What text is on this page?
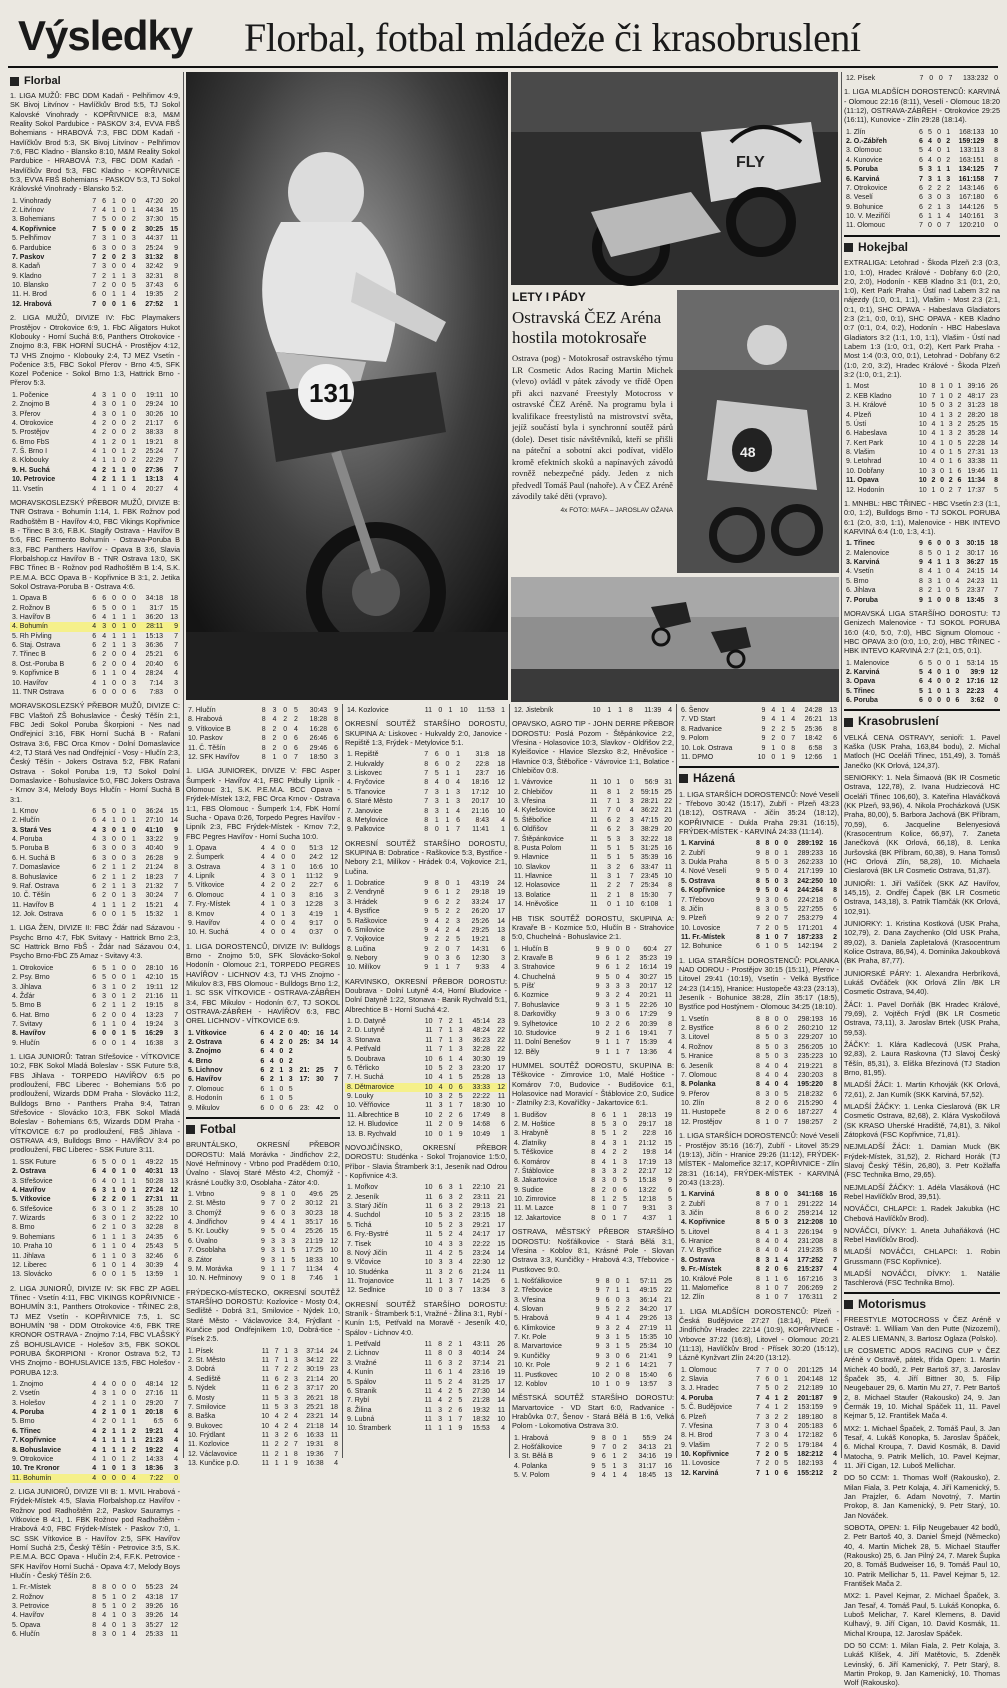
Výsledky Florbal, fotbal mládeže či krasobruslení
Florbal

1. LIGA MUŽŮ: FBC DDM Kadaň - Pelhřimov 4:9, SK Bivoj Litvínov - Havlíčkův Brod 5:5, TJ Sokol Kalovské Vinohrady - KOPŘIVNICE 8:3, M&M Reality Sokol Pardubice - PASKOV 3:4, EVVA FBŠ Bohemians - HRABOVÁ 7:3, FBC DDM Kadaň - Havlíčkův Brod 5:3, SK Bivoj Litvínov - Pelhřimov 7:6, FBC Kladno - Blansko 8:10, M&M Reality Sokol Pardubice - HRABOVÁ 7:3, FBC DDM Kadaň - Havlíčkův Brod 5:3, FBC Kladno - KOPŘIVNICE 5:3, EVVA FBŠ Bohemians - PASKOV 5:3, TJ Sokol Královské Vinohrady - Blansko 5:2.

1. Vinohrady	7	6	1	0	0	47:20	20
2. Litvínov	7	4	1	0	1	44:34	15
3. Bohemians	7	5	0	0	2	37:30	15
4. Kopřivnice	7	5	0	0	2	30:25	15
5. Pelhřimov	7	3	1	0	3	44:37	11
6. Pardubice	6	3	0	0	3	25:24	9
7. Paskov	7	2	0	2	3	31:32	8
8. Kadaň	7	3	0	0	4	32:42	9
9. Kladno	7	2	1	1	3	32:31	8
10. Blansko	7	2	0	0	5	37:43	6
11. H. Brod	6	0	1	1	4	19:35	2
12. Hrabová	7	0	0	1	6	27:52	1

2. LIGA MUŽŮ, DIVIZE IV: FbC Playmakers Prostějov - Otrokovice 6:9, 1. FbC Aligators Hukot Klobouky - Horní Suchá 8:6, Panthers Otrokovice - Znojmo 8:3, FBK HORNÍ SUCHÁ - Prostějov 4:12, TJ VHS Znojmo - Klobouky 2:4, TJ MEZ Vsetín - Počenice 3:5, FBC Sokol Přerov - Brno 4:5, SFK Kozel Počenice - Sokol Brno 1:3, Hattrick Brno - Přerov 5:3.

1. Počenice	4	3	1	0	0	19:11	10
2. Znojmo B	4	3	0	1	0	29:24	10
3. Přerov	4	3	0	1	0	30:26	10
4. Otrokovice	4	2	0	0	2	21:17	6
5. Prostějov	4	2	0	0	2	38:33	8
6. Brno FbS	4	1	2	0	1	19:21	8
7. Š. Brno I	4	1	0	1	2	25:24	7
8. Klobouky	4	1	1	0	2	22:29	7
9. H. Suchá	4	2	1	1	0	27:36	7
10. Petrovice	4	2	1	1	1	13:13	4
11. Vsetín	4	1	1	0	4	20:27	4

MORAVSKOSLEZSKÝ PŘEBOR MUŽŮ, DIVIZE B: TNR Ostrava - Bohumín 1:14, 1. FBK Rožnov pod Radhoštěm B - Havířov 4:0, FBC Vikings Kopřivnice B - Třinec B 3:6, F.B.K. Stagify Ostrava - Havířov B 5:6, FBC Fermento Bohumín - Ostrava-Poruba B 8:3, FBC Panthers Havířov - Opava B 3:6, Slavia Florbalshop.cz Havířov B - TNR Ostrava 13:0, SK FBC Třinec B - Rožnov pod Radhoštěm B 1:4, S.K. P.E.M.A. BCC Opava B - Kopřivnice B 3:1, 2. Jetika Sokol Ostrava-Poruba B - Ostrava 4:6.

1. Opava B	6	6	0	0	0	34:18	18
2. Rožnov B	6	5	0	0	1	31:7	15
3. Havířov B	6	4	1	1	1	36:20	13
4. Bohumín	4	3	0	1	0	28:11	9
5. Rh Pívling	6	4	1	1	1	15:13	7
6. Staj. Ostrava	6	2	1	1	3	36:36	7
7. Třinec B	6	2	0	0	4	25:21	6
8. Ost.-Poruba B	6	2	0	0	4	20:40	6
9. Kopřivnice B	6	1	1	0	4	28:24	4
10. Havířov	4	1	0	0	3	7:14	3
11. TNR Ostrava	6	0	0	0	6	7:83	0

MORAVSKOSLEZSKÝ PŘEBOR MUŽŮ, DIVIZE C: FBC Vlaštoň ZŠ Bohuslavice - Český Těšín 2:1, FBC Jedi Sokol Poruba Škorpioni - Nes nad Ondřejnicí 3:16, FBK Horní Suchá B - Rafani Ostrava 3:6, FBC Orca Krnov - Dolní Domaslavice 4:2, TJ Stará Ves nad Ondřejnicí - Vosy - Hlučín 2:3, Český Těšín - Jokers Ostrava 5:2, FBK Rafani Ostrava - Sokol Poruba 1:9, TJ Sokol Dolní Domaslavice - Bohuslavice 5:0, FBC Jokers Ostrava - Krnov 3:4, Melody Boys Hlučín - Horní Suchá B 3:1.

1. Krnov	6	5	0	1	0	36:24	15
2. Hlučín	6	4	1	0	1	27:10	14
3. Stará Ves	4	3	0	1	0	41:10	9
4. Poruba	4	3	0	0	1	33:22	9
5. Poruba B	6	3	0	0	3	40:40	9
6. H. Suchá B	6	3	0	0	3	26:28	9
7. Domaslavice	6	2	1	1	2	21:24	8
8. Bohuslavice	6	2	1	1	2	18:23	7
9. Raf. Ostrava	6	2	1	1	3	21:32	7
10. Č. Těšín	6	2	0	1	3	30:24	7
11. Havířov B	4	1	1	1	2	15:21	4
12. Jok. Ostrava	6	0	0	1	5	15:32	1

1. LIGA ŽEN, DIVIZE II: FBC Ždár nad Sázavou - Psychc Brno 4:7, FbK Svitavy - Hattrick Brno 2:3, SC Hattrick Brno FbŠ - Ždár nad Sázavou 0:4, Psycho Brno-FbC Z5 Amaz - Svitavy 4:3.

1. Otrokovice	6	5	1	0	0	28:10	16
2. Psy. Brno	6	5	0	0	1	42:10	15
3. Jihlava	6	3	1	0	2	19:11	12
4. Žďár	6	3	0	1	2	21:16	11
5. Brno B	6	2	1	1	2	19:15	8
6. Hat. Brno	6	2	0	0	4	13:23	7
7. Svitavy	6	1	1	0	4	19:24	3
8. Havířov	6	0	0	1	5	16:29	3
9. Hlučín	6	0	0	1	4	16:38	3

1. LIGA JUNIORŮ: Tatran Střešovice - VÍTKOVICE 10:2, FBK Sokol Mladá Boleslav - SSK Future 5:8, FBS Jihlava - TORPEDO HAVÍŘOV 6:5 po prodloužení, FBC Liberec - Bohemians 5:6 po prodloužení, Wizards DDM Praha - Slovácko 11:2, Bulldogs Brno - Panthers Praha 9:4, Tatran Střešovice - Slovácko 10:3, FBK Sokol Mladá Boleslav - Bohemians 6:5, Wizards DDM Praha - VÍTKOVICE 6:7 po prodloužení, FBŠ Jihlava - OSTRAVA 4:9, Bulldogs Brno - HAVÍŘOV 3:4 po prodloužení, FBC Liberec - SSK Future 3:11.

1. SSK Future	6	5	0	0	1	49:22	15
2. Ostrava	6	4	0	1	0	40:31	13
3. Střešovice	6	4	0	1	1	50:28	13
4. Havířov	6	3	1	0	1	27:24	12
5. Vítkovice	6	2	2	0	1	27:31	11
6. Střešovice	6	3	0	1	2	35:28	10
7. Wizards	6	3	0	1	2	32:22	10
8. Brno	6	2	1	0	3	32:28	8
9. Bohemians	6	1	1	1	3	24:35	6
10. Praha 10	6	1	1	0	4	25:43	5
11. Jihlava	6	1	1	0	3	32:46	6
12. Liberec	6	1	0	1	4	30:39	4
13. Slovácko	6	0	0	1	5	13:59	1

2. LIGA JUNIORŮ, DIVIZE IV: SK FBC ZP AGEL Třinec - Vsetín 4:11, FBC VIKINGS KOPŘIVNICE - BOHUMÍN 3:1, Panthers Otrokovice - TŘINEC 2:8, TJ MEZ Vsetín - KOPŘIVNICE 7:5, 1. SC BOHUMÍN '98 - DDM Otrokovice 4:6, FBK TRE KRONOR OSTRAVA - Znojmo 7:14, FBC VLAŠSKÝ ZŠ BOHUSLAVICE - Holešov 3:5, FBK SOKOL PORUBA ŠKORPIONI - Kronor Ostrava 5:2, TJ VHS Znojmo - BOHUSLAVICE 13:5, FBC Holešov - PORUBA 12:3.

1. Znojmo	4	4	0	0	0	48:14	12
2. Vsetín	4	3	1	0	0	27:16	11
3. Holešov	4	2	1	1	0	29:20	7
4. Poruba	4	2	1	0	1	20:18	6
5. Brno	4	2	0	1	1	6:5	6
6. Třinec	4	2	1	1	2	19:21	4
7. Kopřivnice	4	1	1	1	1	21:23	4
8. Bohuslavice	4	1	1	1	2	19:22	4
9. Otrokovice	4	1	0	1	2	14:33	4
10. Tre Kronor	4	1	0	1	3	18:36	3
11. Bohumín	4	0	0	0	4	7:22	0

2. LIGA JUNIORŮ, DIVIZE VII B: 1. MVIL Hrabová - Frýdek-Místek 4:5, Slavia Florbalshop.cz Havířov - Rožnov pod Radhoštěm 2:2, Paskov Sauramys - Vítkovice B 4:1, 1. FBK Rožnov pod Radhoštěm - Hrabová 4:0, FBC Frýdek-Místek - Paskov 7:0, 1. SC SSK Vítkovice B - Havířov 2:5, SFK Havířov Horní Suchá 2:5, Český Těšín - Petrovice 3:5, S.K. P.E.M.A. BCC Opava - Hlučín 2:4, F.F.K. Petrovice - SFK Havířov Horní Suchá - Opava 4:7, Melody Boys Hlučín - Český Těšín 2:6.

1. Fr.-Místek	8	8	0	0	0	55:23	24
2. Rožnov	8	5	1	0	2	43:18	17
3. Petrovice	8	5	1	0	2	39:26	16
4. Havířov	8	4	1	0	3	39:26	14
5. Opava	8	4	0	1	3	35:27	12
6. Hlučín	8	3	0	1	4	25:33	11
131
FLY
LETY I PÁDY
Ostravská ČEZ Aréna hostila motokrosaře
Ostrava (pog) - Motokrosař ostravského týmu LR Cosmetic Ados Racing Martin Michek (vlevo) ovládl v pátek závody ve třídě Open při akci nazvané Freestyly Motocross v ostravské ČEZ Aréně. Na programu byla i kvalifikace freestylistů na mistrovství světa, jejíž součástí byla i synchronní soutěž párů (dole). Deset tisíc návštěvníků, kteří se přišli na páteční a sobotní akci podívat, vidělo kromě efektních skoků a napínavých závodů rovněž nebezpečné pády. Jeden z nich předvedl Tomáš Paul (nahoře). A v ČEZ Aréně závodily také děti (vpravo).
4x FOTO: MAFA – JAROSLAV OŽANA
48
7. Hlučín	8	3	0	5	30:43	9
8. Hrabová	8	4	2	2	18:28	8
9. Vítkovice B	8	2	0	4	16:28	6
10. Paskov	8	2	0	6	26:46	6
11. Č. Těšín	8	2	0	6	29:46	6
12. SFK Havířov	8	1	0	7	18:50	3

1. LIGA JUNIOREK, DIVIZE V: FBC Asper Šumperk - Havířov 4:1, FBC Pitbully Lipník - Olomouc 3:1, S.K. P.E.M.A. BCC Opava - Frýdek-Místek 13:2, FBC Orca Krnov - Ostrava 1:1, FBS Olomouc - Šumperk 1:4, FbK Horní Sucha - Opava 0:26, Torpedo Pegres Havířov - Lipník 2:3, FBC Frýdek-Místek - Krnov 7:2, FBC Pegres Havířov - Horní Sucha 10:0.

1. Opava	4	4	0	0	51:3	12
2. Šumperk	4	4	0	0	24:2	12
3. Ostrava	4	3	1	0	16:6	10
4. Lipník	4	3	0	1	11:12	9
5. Vítkovice	4	2	0	2	22:7	6
6. Olomouc	4	1	0	3	8:16	3
7. Fry.-Místek	4	1	0	3	12:28	3
8. Krnov	4	0	1	3	4:19	1
9. Havířov	4	0	0	4	9:17	0
10. H. Suchá	4	0	0	4	0:37	0

1. LIGA DOROSTENCŮ, DIVIZE IV: Bulldogs Brno - Znojmo 5:0, SFK Slovácko-Sokol Hodonín - Olomouc 2:1, TORPEDO PEGRES HAVÍŘOV - LICHNOV 4:3, TJ VHS Znojmo - Mikulov 8:3, FBS Olomouc - Bulldogs Brno 1:2, 1. SC SSK VÍTKOVICE - OSTRAVA-ZÁBŘEH 3:4, FBC Mikulov - Hodonín 6:7, TJ SOKOL OSTRAVA-ZÁBŘEH - HAVÍŘOV 6:3, FBC OREL LICHNOV - VÍTKOVICE 6:9.

1. Vítkovice	6	4	2	0	40:	16	14
2. Ostrava	6	4	2	0	25:	34	14
3. Znojmo	6	4	0	2			
4. Brno	6	4	0	2			
5. Lichnov	6	2	1	3	21:	25	7
6. Havířov	6	2	1	3	17:	30	7
7. Olomouc	6	1	0	5			
8. Hodonín	6	1	0	5			
9. Mikulov	6	0	0	6	23:	42	0
Fotbal

BRUNTÁLSKO, OKRESNÍ PŘEBOR DOROSTU: Malá Morávka - Jindřichov 2:2, Nové Heřminovy - Vrbno pod Pradědem 0:10, Úvalno - Slavoj Staré Město 4:2, Chomýž - Krásné Loučky 3:0, Osoblaha - Zátor 4:0.

1. Vrbno	9	8	1	0	49:6	25
2. St. Město	9	7	0	2	30:12	21
3. Chomýž	9	6	0	3	30:23	18
4. Jindřichov	9	4	4	1	35:17	16
5. Kr. Loučky	9	5	0	4	25:26	15
6. Úvalno	9	3	3	3	21:19	12
7. Osoblaha	9	3	1	5	17:25	10
8. Zátor	9	3	1	5	18:33	10
9. M. Morávka	9	1	1	7	11:34	4
10. N. Heřminovy	9	0	1	8	7:46	1

FRÝDECKO-MÍSTECKO, OKRESNÍ SOUTĚŽ STARŠÍHO DOROSTU: Kozlovice - Mosty 0:4, Sedliště - Dobrá 3:1, Smilovice - Nýdek 1:0, Staré Město - Václavovice 3:4, Frýdlant - Kunčice pod Ondřejníkem 1:0, Dobrá-tice - Písek 2:5.

1. Písek	11	7	1	3	37:14	24
2. St. Město	11	7	1	3	34:12	22
3. Dobrá	11	7	2	2	30:19	23
4. Sedliště	11	6	2	3	21:14	20
5. Nýdek	11	6	2	3	37:17	20
6. Mosty	11	5	3	3	26:21	18
7. Smilovice	11	5	3	3	25:21	18
8. Baška	10	4	2	4	23:21	14
9. Bukovec	10	4	2	4	21:18	14
10. Frýdlant	11	3	2	6	16:33	11
11. Kozlovice	11	2	2	7	19:31	8
12. Václavovice	11	2	1	8	19:36	7
13. Kunčice p.O.	11	1	1	9	16:38	4
14. Kozlovice	11	0	1	10	11:53	1

OKRESNÍ SOUTĚŽ STARŠÍHO DOROSTU, SKUPINA A: Liskovec - Hukvaldy 2:0, Janovice - Repiště 1:3, Frýdek - Metylovice 5:1.

1. Repiště	7	6	0	1	31:8	18
2. Hukvaldy	8	6	0	2	22:8	18
3. Liskovec	7	5	1	1	23:7	16
4. Fryčovice	8	4	0	4	18:16	12
5. Třanovice	7	3	1	3	17:12	10
6. Staré Město	7	3	1	3	20:17	10
7. Janovice	8	3	1	4	21:16	10
8. Metylovice	8	1	1	6	8:43	4
9. Palkovice	8	0	1	7	11:41	1

OKRESNÍ SOUTĚŽ STARŠÍHO DOROSTU, SKUPINA B: Dobratice - Raškovice 5:3, Bystřice - Nebory 2:1, Milíkov - Hrádek 0:4, Vojkovice 2:1, Lučina.

1. Dobratice	9	8	0	1	43:19	24
2. Vendryně	9	6	1	2	29:18	19
3. Hrádek	9	6	2	2	33:24	17
4. Bystřice	9	5	2	2	26:20	17
5. Raškovice	9	4	2	3	25:26	14
6. Smilovice	9	4	2	4	29:25	13
7. Vojkovice	9	2	2	5	19:21	8
8. Lučina	9	2	0	7	14:31	6
9. Nebory	9	0	3	6	12:30	3
10. Milíkov	9	1	1	7	9:33	4

KARVINSKO, OKRESNÍ PŘEBOR DOROSTU: Doubrava - Dolní Lutyně 4:4, Horní Bludovice - Dolní Datyně 1:22, Stonava - Banik Rychvald 5:1, Albrechtice B - Horní Suchá 4:2.

1. D. Datyně	10	7	2	1	45:14	23
2. D. Lutyně	11	7	1	3	48:24	22
3. Stonava	11	7	1	3	36:23	22
4. Petřvald	11	7	1	3	32:28	22
5. Doubrava	10	6	1	4	30:30	19
6. Těrlicko	10	5	2	3	23:20	17
7. H. Suchá	10	4	1	5	25:28	13
8. Dětmarovice	10	4	0	6	33:33	12
9. Louky	10	3	2	5	22:22	11
10. Věřňovice	11	3	1	7	18:30	10
11. Albrechtice B	10	2	2	6	17:49	8
12. H. Bludovice	11	2	0	9	14:68	6
13. B. Rychvald	10	0	1	9	10:49	1

NOVOJIČÍNSKO, OKRESNÍ PŘEBOR DOROSTU: Studénka - Sokol Trojanovice 1:5:0, Příbor - Slavia Štramberk 3:1, Jesenik nad Odrou - Kopřivnice 4:3.

1. Mořkov	10	6	3	1	22:10	21
2. Jeseník	11	6	3	2	23:11	21
3. Starý Jičín	11	6	3	2	29:13	21
4. Suchdol	10	5	3	2	23:15	18
5. Tichá	10	5	2	3	29:21	17
6. Fry.-Bystré	11	5	2	4	24:17	17
7. Tisek	10	4	3	3	22:22	15
8. Nový Jičín	11	4	2	5	23:24	14
9. Vlčovice	10	3	3	4	22:30	12
10. Studénka	11	3	2	6	21:24	11
11. Trojanovice	11	1	3	7	14:25	6
12. Sedlnice	10	0	3	7	13:34	3

OKRESNÍ SOUTĚŽ STARŠÍHO DOROSTU: Straník - Štramberk 5:1, Vražné - Žilina 3:1, Rybí - Kunín 1:5, Petřvald na Moravě - Jeseník 4:0, Spálov - Lichnov 4:0.

1. Petřvald	11	8	2	1	43:11	26
2. Lichnov	11	8	0	3	40:14	24
3. Vražné	11	6	3	2	37:14	21
4. Kunín	11	6	1	4	23:16	19
5. Spálov	11	5	2	4	31:25	17
6. Stranik	11	4	2	5	27:30	14
7. Rybí	11	4	2	5	21:28	14
8. Žilina	11	3	2	6	19:32	11
9. Lubná	11	3	1	7	18:32	10
10. Štramberk	11	1	1	9	15:53	4
12. Jistebník	10	1	1	8	11:39	4

OPAVSKO, AGRO TIP - JOHN DERRE PŘEBOR DOROSTU: Poslá Pozom - Štěpánkovice 2:2, Vřesina - Holasovice 10:3, Slavkov - Oldřišov 2:2, Kyleišovice - Hlavice Slezsko 8:2, Hněvošice - Hlavnice 0:3, Štěbořice - Vávrovice 1:1, Bolatice - Chlebičov 0:8.

1. Vávrovice	11	10	1	0	56:9	31
2. Chlebičov	11	8	1	2	59:15	25
3. Vřesina	11	7	1	3	28:21	22
4. Kylešovice	11	7	0	4	36:22	21
5. Štěbořice	11	6	2	3	47:15	20
6. Oldřišov	11	6	2	3	38:29	20
7. Štěpánkovice	11	5	3	3	32:22	18
8. Pusta Polom	11	5	1	5	31:25	16
9. Hlavnice	11	5	1	5	35:39	16
10. Slavkov	11	3	2	6	33:47	11
11. Hlavnice	11	3	1	7	23:45	10
12. Holasovice	11	2	2	7	25:34	8
13. Bolatice	11	2	1	8	15:30	7
14. Hněvošice	11	0	1	10	6:108	1

HB TISK SOUTĚŽ DOROSTU, SKUPINA A: Kravaře B - Kozmice 5:0, Hlučín B - Strahovice 5:0, Chuchelná - Bohuslavice 2:1.

1. Hlučín B	9	9	0	0	60:4	27
2. Kravaře B	9	6	1	2	35:23	19
3. Strahovice	9	6	1	2	16:14	19
4. Chuchelná	9	5	0	4	30:27	15
5. Píšť	9	3	3	3	20:17	12
6. Kozmice	9	3	2	4	20:21	11
7. Bohuslavice	9	3	1	5	22:26	10
8. Darkovičky	9	3	0	6	17:29	9
9. Sylhetovice	10	2	2	6	20:39	8
10. Studovice	9	2	1	6	19:41	7
11. Dolní Benešov	9	1	1	7	15:39	4
12. Běly	9	1	1	7	13:36	4

HUMMEL SOUTĚŽ DOROSTU, SKUPINA B: Těškovice - Zimrovice 1:0, Malé Hoštice - Komárov 7:0, Budovice - Budišovice 6:1, Holasovice nad Moravicí - Štáblovice 2:0, Sudice - Zlatníky 2:3, Kovaříčky - Jakartovice 6:1.

1. Budišov	8	6	1	1	28:13	19
2. M. Hoštice	8	5	3	0	29:17	18
3. Hrabyně	8	5	1	2	22:8	16
4. Zlatníky	8	4	3	1	21:12	15
5. Těškovice	8	4	2	2	19:8	14
6. Komárov	8	4	1	3	17:19	13
7. Štáblovice	8	3	3	2	22:17	12
8. Jakartovice	8	3	0	5	15:18	9
9. Sudice	8	2	0	6	13:22	6
10. Zimrovice	8	1	2	5	12:18	5
11. M. Lazce	8	1	0	7	9:31	3
12. Jakartovice	8	0	1	7	4:37	1

OSTRAVA, MĚSTSKÝ PŘEBOR STARŠÍHO DOROSTU: Nošťálkovice - Stará Bělá 3:1, Vřesina - Koblov 8:1, Krásné Pole - Slovan Ostrava 3:3, Kunčičky - Hrabová 4:3, Třebovice - Pustkovec 9:0.

1. Nošťálkovice	9	8	0	1	57:11	25
2. Třebovice	9	7	1	1	49:15	22
3. Vřesina	9	6	0	3	36:14	21
4. Slovan	9	5	2	2	34:20	17
5. Hrabová	9	4	1	4	29:26	13
6. Klimkovice	9	3	2	4	27:19	11
7. Kr. Pole	9	3	1	5	15:35	10
8. Marvartovice	9	3	1	5	25:34	10
9. Kunčičky	9	3	0	6	21:41	9
10. Kr. Pole	9	2	1	6	14:21	7
11. Pustkovec	10	2	0	8	15:40	6
12. Koblov	10	1	0	9	13:57	3

MĚSTSKÁ SOUTĚŽ STARŠÍHO DOROSTU: Marvartovice - VD Start 6:0, Radvanice - Hrabůvka 0:7, Šenov - Stará Bělá B 1:6, Velká Polom - Lokomotiva Ostrava 3:0.

1. Hrabová	9	8	0	1	55:9	24
2. Hošťálkovice	9	7	0	2	34:13	21
3. St. Bělá B	9	6	1	2	34:16	19
4. Polanka	9	5	1	3	31:17	16
5. V. Polom	9	4	1	4	18:45	13
6. Šenov	9	4	1	4	24:28	13
7. VD Start	9	4	1	4	26:21	13
8. Radvanice	9	2	2	5	25:36	8
9. Polom	9	2	0	7	18:42	6
10. Lok. Ostrava	9	1	0	8	6:58	3
11. DPMO	10	0	1	9	12:66	1
Házená

1. LIGA STARŠÍCH DOROSTENCŮ: Nové Veselí - Třebovo 30:42 (15:17), Zubří - Plzeň 43:23 (18:12), OSTRAVA - Jičín 35:24 (18:12), KOPŘIVNICE - Dukla Praha 29:31 (16:15), FRÝDEK-MÍSTEK - KARVINÁ 24:33 (11:14).

1. Karviná	8	8	0	0	289:192	16
2. Zubří	9	8	0	1	289:233	16
3. Dukla Praha	8	5	0	3	262:233	10
4. Nové Veselí	9	5	0	4	217:199	10
5. Ostrava	8	5	0	3	242:250	10
6. Kopřivnice	9	5	0	4	244:264	8
7. Třebovo	9	3	0	6	224:218	6
8. Jičín	8	3	0	5	227:255	6
9. Plzeň	9	2	0	7	253:279	4
10. Lovosice	7	2	0	5	171:201	4
11. Fr.-Místek	8	1	0	7	187:233	2
12. Bohunice	6	1	0	5	142:194	2

1. LIGA STARŠÍCH DOROSTENCŮ: POLANKA NAD ODROU - Prostějov 30:15 (15:11), Přerov - Litovel 29:41 (10:19), Vsetín - Velká Bystřice 24:23 (14:15), Hranice: Hustopeče 43:23 (23:13), Jeseník - Bohunice 38:28, Zlín 35:17 (18:5), Bystřice pod Hostýnem - Olomouc 34:25 (18:10).

1. Vsetín	8	8	0	0	298:193	16
2. Bystřice	8	6	0	2	260:210	12
3. Litovel	8	5	0	3	229:207	10
4. Rožnov	8	5	0	3	256:205	10
5. Hranice	8	5	0	3	235:223	10
6. Jeseník	8	4	0	4	219:221	8
7. Olomouc	8	4	0	4	230:203	8
8. Polanka	8	4	0	4	195:220	8
9. Přerov	8	3	0	5	218:232	6
10. Zlín	8	2	0	6	215:290	4
11. Hustopeče	8	2	0	6	187:227	4
12. Prostějov	8	1	0	7	198:257	2

1. LIGA STARŠÍCH DOROSTENCŮ: Nové Veselí - Prostějov 35:16 (16:7), Zubří - Litovel 35:29 (19:13), Jičín - Hranice 29:26 (11:12), FRÝDEK-MÍSTEK - Malomeřice 32:17, KOPŘIVNICE - Zlín 28:31 (16:14), FRÝDEK-MÍSTEK - KARVINÁ 20:43 (13:23).

1. Karviná	8	8	0	0	341:168	16
2. Zubří	8	7	0	1	291:222	14
3. Jičín	8	6	0	2	259:214	12
4. Kopřivnice	8	5	0	3	212:208	10
5. Litovel	8	4	1	3	226:194	9
6. Hranice	8	4	0	4	231:208	8
7. V. Bystřice	8	4	0	4	219:235	8
8. Ostrava	8	3	1	4	177:252	7
9. Fr.-Místek	8	2	0	6	215:237	4
10. Králové Pole	8	1	1	6	167:216	3
11. Malomeřice	8	1	0	7	206:269	2
12. Zlín	8	1	0	7	176:311	2

1. LIGA MLADŠÍCH DOROSTENCŮ: Plzeň - Česká Budějovice 27:27 (18:14), Plzeň - Jindřichův Hradec 22:14 (10:9), KOPŘIVNICE - Vrbovce 37:22 (16:8), Litovel - Olomouc 20:21 (11:13), Havlíčkův Brod - Přísek 30:20 (15:12), Lázně Kynžvart Zlín 24:20 (13:12).

1. Olomouc	7	7	0	0	201:125	14
2. Slavia	7	6	0	1	204:148	12
3. J. Hradec	7	5	0	2	212:189	10
4. Poruba	7	4	1	2	201:187	9
5. Č. Budějovice	7	4	1	2	153:159	9
6. Plzeň	7	3	2	2	189:180	8
7. Vřesina	7	3	0	4	205:183	6
8. H. Brod	7	3	0	4	172:182	6
9. Vlašim	7	2	0	5	179:184	4
10. Kopřivnice	7	2	0	5	182:212	4
11. Lovosice	7	2	0	5	182:193	4
12. Karviná	7	1	0	6	155:212	2
12. Písek	7	0	0	7	133:232	0

1. LIGA MLADŠÍCH DOROSTENCŮ: KARVINÁ - Olomouc 22:16 (8:11), Veselí - Olomouc 18:20 (11:12), OSTRAVA-ZÁBŘEH - Otrokovice 29:25 (16:11), Kunovice - Zlín 29:28 (18:14).

1. Zlín	6	5	0	1	168:133	10
2. O.-Zábřeh	6	4	0	2	159:129	8
3. Olomouc	5	4	0	1	133:113	8
4. Kunovice	6	4	0	2	163:151	8
5. Poruba	5	3	1	1	134:125	7
6. Karviná	7	3	1	3	161:158	7
7. Otrokovice	6	2	2	2	143:146	6
8. Veselí	6	3	0	3	167:180	6
9. Bohunice	6	2	1	3	144:126	5
10. V. Meziříčí	6	1	1	4	140:161	3
11. Olomouc	7	0	0	7	120:210	0
Hokejbal

EXTRALIGA: Letohrad - Škoda Plzeň 2:3 (0:3, 1:0, 1:0), Hradec Králové - Dobřany 6:0 (2:0, 2:0, 2:0), Hodonín - KEB Kladno 3:1 (0:1, 2:0, 1:0), Kert Park Praha - Ústí nad Labem 3:2 na nájezdy (1:0, 0:1, 1:1), Vlašim - Most 2:3 (2:1, 0:1, 0:1), SHC OPAVA - Habeslava Gladiators 2:3 (2:1, 0:0, 0:1), SHC OPAVA - KEB Kladno 0:7 (0:1, 0:4, 0:2), Hodonín - HBC Habeslava Gladiators 3:2 (1:1, 1:0, 1:1), Vlašim - Ústí nad Labem 1:3 (1:0, 0:1, 0:2), Kert Park Praha - Most 1:4 (0:3, 0:0, 0:1), Letohrad - Dobřany 6:2 (1:0, 2:0, 3:2), Hradec Králové - Škoda Plzeň 3:2 (1:0, 0:1, 2:1).

1. Most	10	8	1	0	1	39:16	26
2. KEB Kladno	10	7	1	0	2	48:17	23
3. H. Králové	10	5	0	3	2	31:23	18
4. Plzeň	10	4	1	3	2	28:20	18
5. Ústí	10	4	1	3	2	25:25	15
6. Habeslava	10	4	1	3	2	35:28	14
7. Kert Park	10	4	1	0	5	22:28	14
8. Vlašim	10	4	0	1	5	27:31	13
9. Letohrad	10	4	0	1	6	33:38	11
10. Dobřany	10	3	0	1	6	19:46	11
11. Opava	10	2	0	2	6	11:34	8
12. Hodonín	10	1	0	2	7	17:37	5

1. MNHBL: HBC TŘINEC - HBC Vsetín 2:3 (1:1, 0:0, 1:2), Bulldogs Brno - TJ SOKOL PORUBA 6:1 (2:0, 3:0, 1:1), Malenovice - HBK INTEVO KARVINÁ 6:4 (1:0, 1:3, 4:1).

1. Třinec	9	6	0	0	3	30:15	18
2. Malenovice	8	5	0	1	2	30:17	16
3. Karviná	9	4	1	1	3	36:27	15
4. Vsetín	8	4	1	0	4	24:15	14
5. Brno	8	3	1	0	4	24:23	11
6. Jihlava	8	2	1	0	5	23:37	7
7. Poruba	9	1	0	0	8	13:45	3

MORAVSKÁ LIGA STARŠÍHO DOROSTU: TJ Genizech Malenovice - TJ SOKOL PORUBA 16:0 (4:0, 5:0, 7:0), HBC Signum Olomouc - HBC OPAVA 3:0 (0:0, 1:0, 2:0), HBC TŘINEC - HBK INTEVO KARVINÁ 2:7 (2:1, 0:5, 0:1).

1. Malenovice	6	5	0	0	1	53:14	15
2. Karviná	5	4	0	1	0	39:9	12
3. Opava	6	4	0	0	2	17:16	12
5. Třinec	5	1	0	1	3	22:23	4
6. Poruba	6	0	0	0	6	3:62	0
Krasobruslení

VELKÁ CENA OSTRAVY, senioři: 1. Pavel Kaška (USK Praha, 163,84 bodu), 2. Michal Matloch (HC Oceláři Třinec, 151,49), 3. Tomáš Janečko (KK Orlová, 124,37).

SENIORKY: 1. Nela Šimaová (BK IR Cosmetic Ostrava, 122,78), 2. Ivana Hudziecová HC Oceláři Třinec 106,60), 3. Kateřina Hlaváčková (KK Plzeň, 93,96), 4. Nikola Procházková (USK Praha, 80,00), 5. Barbora Jachová (BK Příbram, 70,59), 6. Jacqueline Belenyesiová (Krasocentrum Kolice, 66,97), 7. Zaneta Janečková (KK Orlová, 66,18), 8. Lenka Juršovská (BK Příbram, 60,38), 9. Hana Tomsů (HC Orlová Zlín, 58,28), 10. Michaela Cieslarová (BK LR Cosmetic Ostrava, 51,37).

JUNIOŘI: 1. Jiří Vašíček (SKK AZ Havířov, 145,15), 2. Ondřej Čapek (BK LR Cosmetic Ostrava, 143,18), 3. Patrik Tlamčák (KK Orlová, 102,91).

JUNIORKY: 1. Kristina Kostková (USK Praha, 102,79), 2. Dana Zaychenko (Old USK Praha, 89,02), 3. Daniela Zapletalová (Krasocentrum Kolice Ostrava, 86,94), 4. Dominika Jakoubková (BK Praha, 87,77).

JUNIORSKÉ PÁRY: 1. Alexandra Herbríková, Lukáš Ovčáček (KK Orlová Zlín /BK LR Cosmetic Ostrava, 94,40).

ŽÁCI: 1. Pavel Dorňák (BK Hradec Králové, 79,69), 2. Vojtěch Frýdl (BK LR Cosmetic Ostrava, 73,11), 3. Jaroslav Brtek (USK Praha, 59,53).

ŽÁČKY: 1. Klára Kadlecová (USK Praha, 92,83), 2. Laura Raskovna (TJ Slavoj Český Těšín, 85,31), 3. Eliška Březinová (TJ Stadion Brno, 81,95).

MLADŠÍ ŽÁCI: 1. Martin Krhovják (KK Orlová, 72,61), 2. Jan Kumík (SKK Karviná, 57,52).

MLADŠÍ ŽÁČKY: 1. Lenka Cieslarová (BK LR Cosmetic Ostrava, 82,68), 2. Klára Vyskočilová (SK KRASO Uherské Hradiště, 74,81), 3. Nikol Zátopková (FSC Kopřivnice, 71,81).

NEJMLADŠÍ ŽÁCI: 1. Damian Muck (BK Frýdek-Místek, 31,52), 2. Richard Horák (TJ Slavoj Český Těšín, 26,80), 3. Petr Kožlaffa (FSC Technika Brno, 29,65).

NEJMLADŠÍ ŽÁČKY: 1. Adéla Vlasáková (HC Rebel Havlíčkův Brod, 39,51).

NOVÁČCI, CHLAPCI: 1. Radek Jakubka (HC Chebová Havlíčkův Brod).

NOVÁČCI, DÍVKY: 1. Aneta Juhaňáková (HC Rebel Havlíčkův Brod).

MLADŠÍ NOVÁČCI, CHLAPCI: 1. Robin Grussmann (FSC Kopřivnice).

MLADŠÍ NOVÁČCI, DÍVKY: 1. Natálie Taschlerová (FSC Technika Brno).

Motorismus

FREESTYLE MOTOCROSS v ČEZ Aréně v Ostravě: 1. William Van den Putte (Nizozemí), 2. ALES LIEMANN, 3. Bartosz Oglaza (Polsko).

LR COSMETIC ADOS RACING CUP v ČEZ Aréně v Ostravě, pátek, třída Open: 1. Martin Michek 40 bodů, 2. Petr Bartoš 37, 3. Jaroslav Špaček 35, 4. Jiří Bittner 30, 5. Filip Neugebauer 29, 6. Martin Mu 27, 7. Petr Bartoš 2, 8. Michael Staufer (Rakousko) 24, 9. Jan Čermák 19, 10. Michal Spáček 11, 11. Pavel Kejmar 5, 12. František Mača 4.

MX2: 1. Michael Špaček, 2. Tomáš Paul, 3. Jan Tesař, 4. Lukáš Konopka, 5. Jaroslav Špáček, 6. Michal Kroupa, 7. David Kosmák, 8. David Matocha, 9. Patrik Mellich, 10. Pavel Kejmar, 11. Jiří Cigan, 12. Luboš Mellichar.

DO 50 CCM: 1. Thomas Wolf (Rakousko), 2. Milan Fiala, 3. Petr Kolaja, 4. Jiří Kamenický, 5. Jan Prajzler, 6. Adam Novotný, 7. Martin Prokop, 8. Jan Kamenický, 9. Petr Starý, 10. Jan Nováček.

SOBOTA, OPEN: 1. Filip Neugebauer 42 bodů, 2. Petr Bartoš 40, 3. Daniel Šmejd (Německo) 40, 4. Martin Michek 28, 5. Michael Stauffer (Rakousko) 25, 6. Jan Pilný 24, 7. Marek Šupka 20, 8. Tomáš Budweiser 16, 9. Tomáš Paul 10, 10. Patrik Mellichar 5, 11. Pavel Kejmar 5, 12. František Mača 2.

MX2: 1. Pavel Kejmar, 2. Michael Špaček, 3. Jan Tesař, 4. Tomáš Paul, 5. Lukáš Konopka, 6. Luboš Melichar, 7. Karel Klemens, 8. David Kulhavý, 9. Jiří Cigan, 10. David Kosmák, 11. Michal Kroupa, 12. Jaroslav Spáček.

DO 50 CCM: 1. Milan Fiala, 2. Petr Kolaja, 3. Lukáš Klíšek, 4. Jiří Matětovic, 5. Zdeněk Levinský, 6. Jiří Kamenický, 7. Petr Starý, 8. Martin Prokop, 9. Jan Kamenický, 10. Thomas Wolf (Rakousko).
